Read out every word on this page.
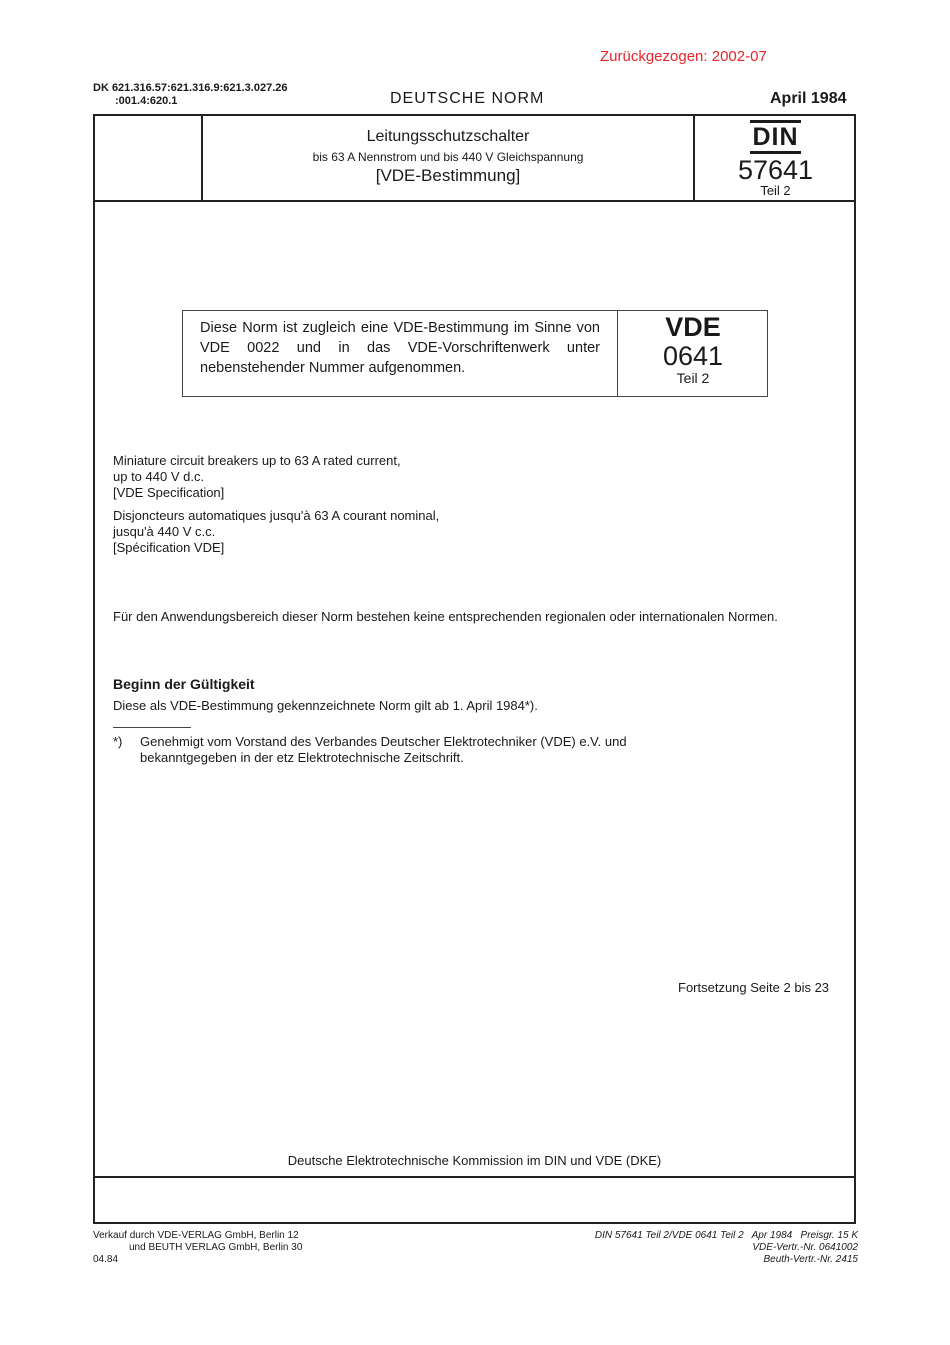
Zurückgezogen: 2002-07
DK 621.316.57:621.316.9:621.3.027.26
:001.4:620.1	DEUTSCHE NORM	April 1984
Leitungsschutzschalter
bis 63 A Nennstrom und bis 440 V Gleichspannung
[VDE-Bestimmung]
DIN
57641
Teil 2
Diese Norm ist zugleich eine VDE-Bestimmung im Sinne von VDE 0022 und in das VDE-Vorschriftenwerk unter nebenstehender Nummer aufgenommen.
VDE
0641
Teil 2
Miniature circuit breakers up to 63 A rated current,
up to 440 V d.c.
[VDE Specification]
Disjoncteurs automatiques jusqu'à 63 A courant nominal,
jusqu'à 440 V c.c.
[Spécification VDE]
Für den Anwendungsbereich dieser Norm bestehen keine entsprechenden regionalen oder internationalen Normen.
Beginn der Gültigkeit
Diese als VDE-Bestimmung gekennzeichnete Norm gilt ab 1. April 1984*).
*) Genehmigt vom Vorstand des Verbandes Deutscher Elektrotechniker (VDE) e.V. und
bekanntgegeben in der etz Elektrotechnische Zeitschrift.
Fortsetzung Seite 2 bis 23
Deutsche Elektrotechnische Kommission im DIN und VDE (DKE)
Verkauf durch VDE-VERLAG GmbH, Berlin 12
und BEUTH VERLAG GmbH, Berlin 30
04.84
DIN 57641 Teil 2/VDE 0641 Teil 2   Apr 1984   Preisgr. 15 K
VDE-Vertr.-Nr. 0641002
Beuth-Vertr.-Nr. 2415
